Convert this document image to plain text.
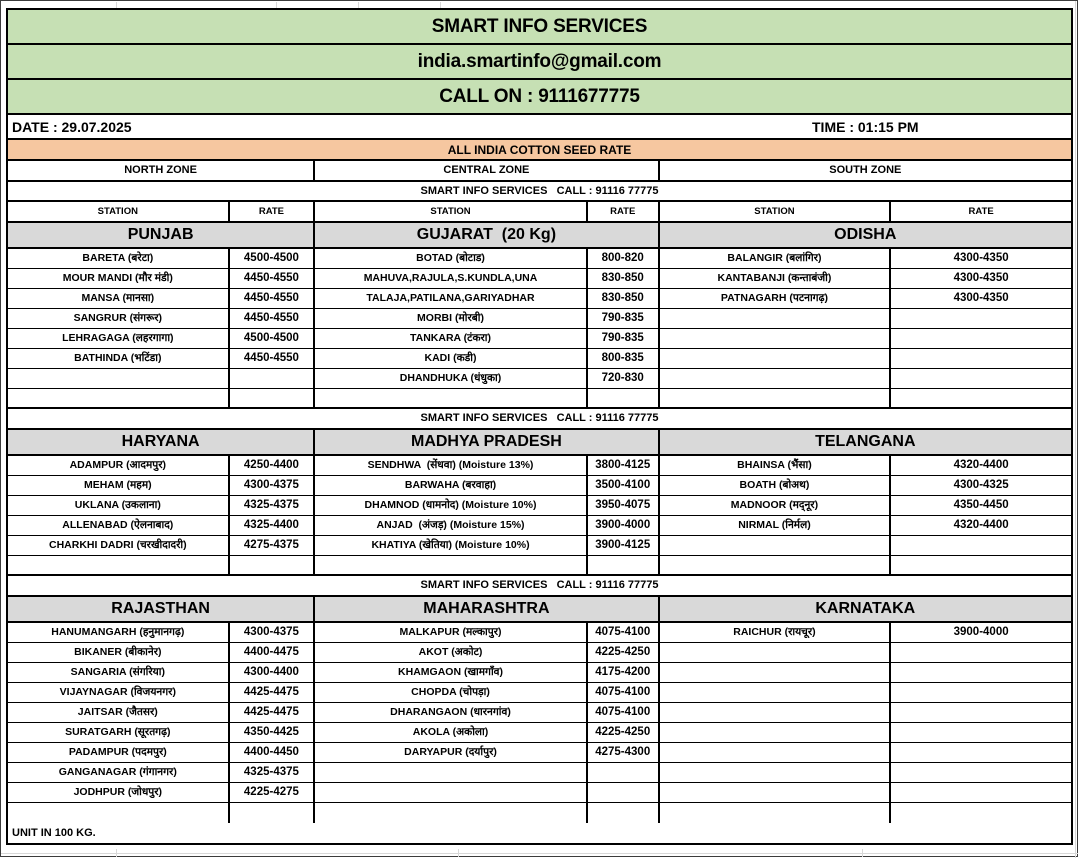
SMART INFO SERVICES
india.smartinfo@gmail.com
CALL ON : 9111677775
DATE : 29.07.2025	TIME : 01:15 PM
ALL INDIA COTTON SEED RATE
NORTH ZONE	CENTRAL ZONE	SOUTH ZONE
SMART INFO SERVICES   CALL : 91116 77775
STATION	RATE	STATION	RATE	STATION	RATE
PUNJAB	GUJARAT  (20 Kg)	ODISHA
BARETA (बरेटा)	4500-4500	BOTAD (बोटाड)	800-820	BALANGIR (बलांगिर)	4300-4350
MOUR MANDI (मौर मंडी)	4450-4550	MAHUVA,RAJULA,S.KUNDLA,UNA	830-850	KANTABANJI (कन्ताबंजी)	4300-4350
MANSA (मानसा)	4450-4550	TALAJA,PATILANA,GARIYADHAR	830-850	PATNAGARH (पटनागढ़)	4300-4350
SANGRUR (संगरूर)	4450-4550	MORBI (मोरबी)	790-835
LEHRAGAGA (लहरगागा)	4500-4500	TANKARA (टंकरा)	790-835
BATHINDA (भटिंडा)	4450-4550	KADI (कडी)	800-835
DHANDHUKA (धंधुका)	720-830
SMART INFO SERVICES   CALL : 91116 77775
HARYANA	MADHYA PRADESH	TELANGANA
ADAMPUR (आदमपुर)	4250-4400	SENDHWA  (सेंधवा) (Moisture 13%)	3800-4125	BHAINSA (भैंसा)	4320-4400
MEHAM (महम)	4300-4375	BARWAHA (बरवाहा)	3500-4100	BOATH (बोअथ)	4300-4325
UKLANA (उकलाना)	4325-4375	DHAMNOD (धामनोद) (Moisture 10%)	3950-4075	MADNOOR (मद्नूर)	4350-4450
ALLENABAD (ऐलनाबाद)	4325-4400	ANJAD  (अंजड़) (Moisture 15%)	3900-4000	NIRMAL (निर्मल)	4320-4400
CHARKHI DADRI (चरखीदादरी)	4275-4375	KHATIYA (खेतिया) (Moisture 10%)	3900-4125
SMART INFO SERVICES   CALL : 91116 77775
RAJASTHAN	MAHARASHTRA	KARNATAKA
HANUMANGARH (हनुमानगढ़)	4300-4375	MALKAPUR (मल्कापुर)	4075-4100	RAICHUR (रायचूर)	3900-4000
BIKANER (बीकानेर)	4400-4475	AKOT (अकोट)	4225-4250
SANGARIA (संगरिया)	4300-4400	KHAMGAON (खामगाँव)	4175-4200
VIJAYNAGAR (विजयनगर)	4425-4475	CHOPDA (चोपड़ा)	4075-4100
JAITSAR (जैतसर)	4425-4475	DHARANGAON (धारनगांव)	4075-4100
SURATGARH (सूरतगढ़)	4350-4425	AKOLA (अकोला)	4225-4250
PADAMPUR (पदमपुर)	4400-4450	DARYAPUR (दर्यापुर)	4275-4300
GANGANAGAR (गंगानगर)	4325-4375
JODHPUR (जोधपुर)	4225-4275
UNIT IN 100 KG.
